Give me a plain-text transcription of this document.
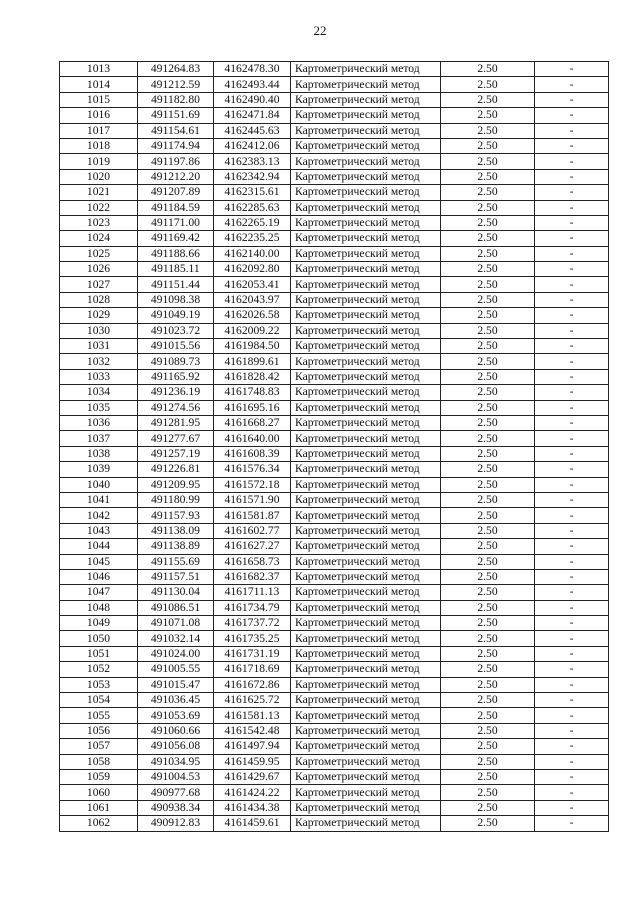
22
1013	491264.83	4162478.30	Картометрический метод	2.50	-
1014	491212.59	4162493.44	Картометрический метод	2.50	-
1015	491182.80	4162490.40	Картометрический метод	2.50	-
1016	491151.69	4162471.84	Картометрический метод	2.50	-
1017	491154.61	4162445.63	Картометрический метод	2.50	-
1018	491174.94	4162412.06	Картометрический метод	2.50	-
1019	491197.86	4162383.13	Картометрический метод	2.50	-
1020	491212.20	4162342.94	Картометрический метод	2.50	-
1021	491207.89	4162315.61	Картометрический метод	2.50	-
1022	491184.59	4162285.63	Картометрический метод	2.50	-
1023	491171.00	4162265.19	Картометрический метод	2.50	-
1024	491169.42	4162235.25	Картометрический метод	2.50	-
1025	491188.66	4162140.00	Картометрический метод	2.50	-
1026	491185.11	4162092.80	Картометрический метод	2.50	-
1027	491151.44	4162053.41	Картометрический метод	2.50	-
1028	491098.38	4162043.97	Картометрический метод	2.50	-
1029	491049.19	4162026.58	Картометрический метод	2.50	-
1030	491023.72	4162009.22	Картометрический метод	2.50	-
1031	491015.56	4161984.50	Картометрический метод	2.50	-
1032	491089.73	4161899.61	Картометрический метод	2.50	-
1033	491165.92	4161828.42	Картометрический метод	2.50	-
1034	491236.19	4161748.83	Картометрический метод	2.50	-
1035	491274.56	4161695.16	Картометрический метод	2.50	-
1036	491281.95	4161668.27	Картометрический метод	2.50	-
1037	491277.67	4161640.00	Картометрический метод	2.50	-
1038	491257.19	4161608.39	Картометрический метод	2.50	-
1039	491226.81	4161576.34	Картометрический метод	2.50	-
1040	491209.95	4161572.18	Картометрический метод	2.50	-
1041	491180.99	4161571.90	Картометрический метод	2.50	-
1042	491157.93	4161581.87	Картометрический метод	2.50	-
1043	491138.09	4161602.77	Картометрический метод	2.50	-
1044	491138.89	4161627.27	Картометрический метод	2.50	-
1045	491155.69	4161658.73	Картометрический метод	2.50	-
1046	491157.51	4161682.37	Картометрический метод	2.50	-
1047	491130.04	4161711.13	Картометрический метод	2.50	-
1048	491086.51	4161734.79	Картометрический метод	2.50	-
1049	491071.08	4161737.72	Картометрический метод	2.50	-
1050	491032.14	4161735.25	Картометрический метод	2.50	-
1051	491024.00	4161731.19	Картометрический метод	2.50	-
1052	491005.55	4161718.69	Картометрический метод	2.50	-
1053	491015.47	4161672.86	Картометрический метод	2.50	-
1054	491036.45	4161625.72	Картометрический метод	2.50	-
1055	491053.69	4161581.13	Картометрический метод	2.50	-
1056	491060.66	4161542.48	Картометрический метод	2.50	-
1057	491056.08	4161497.94	Картометрический метод	2.50	-
1058	491034.95	4161459.95	Картометрический метод	2.50	-
1059	491004.53	4161429.67	Картометрический метод	2.50	-
1060	490977.68	4161424.22	Картометрический метод	2.50	-
1061	490938.34	4161434.38	Картометрический метод	2.50	-
1062	490912.83	4161459.61	Картометрический метод	2.50	-
